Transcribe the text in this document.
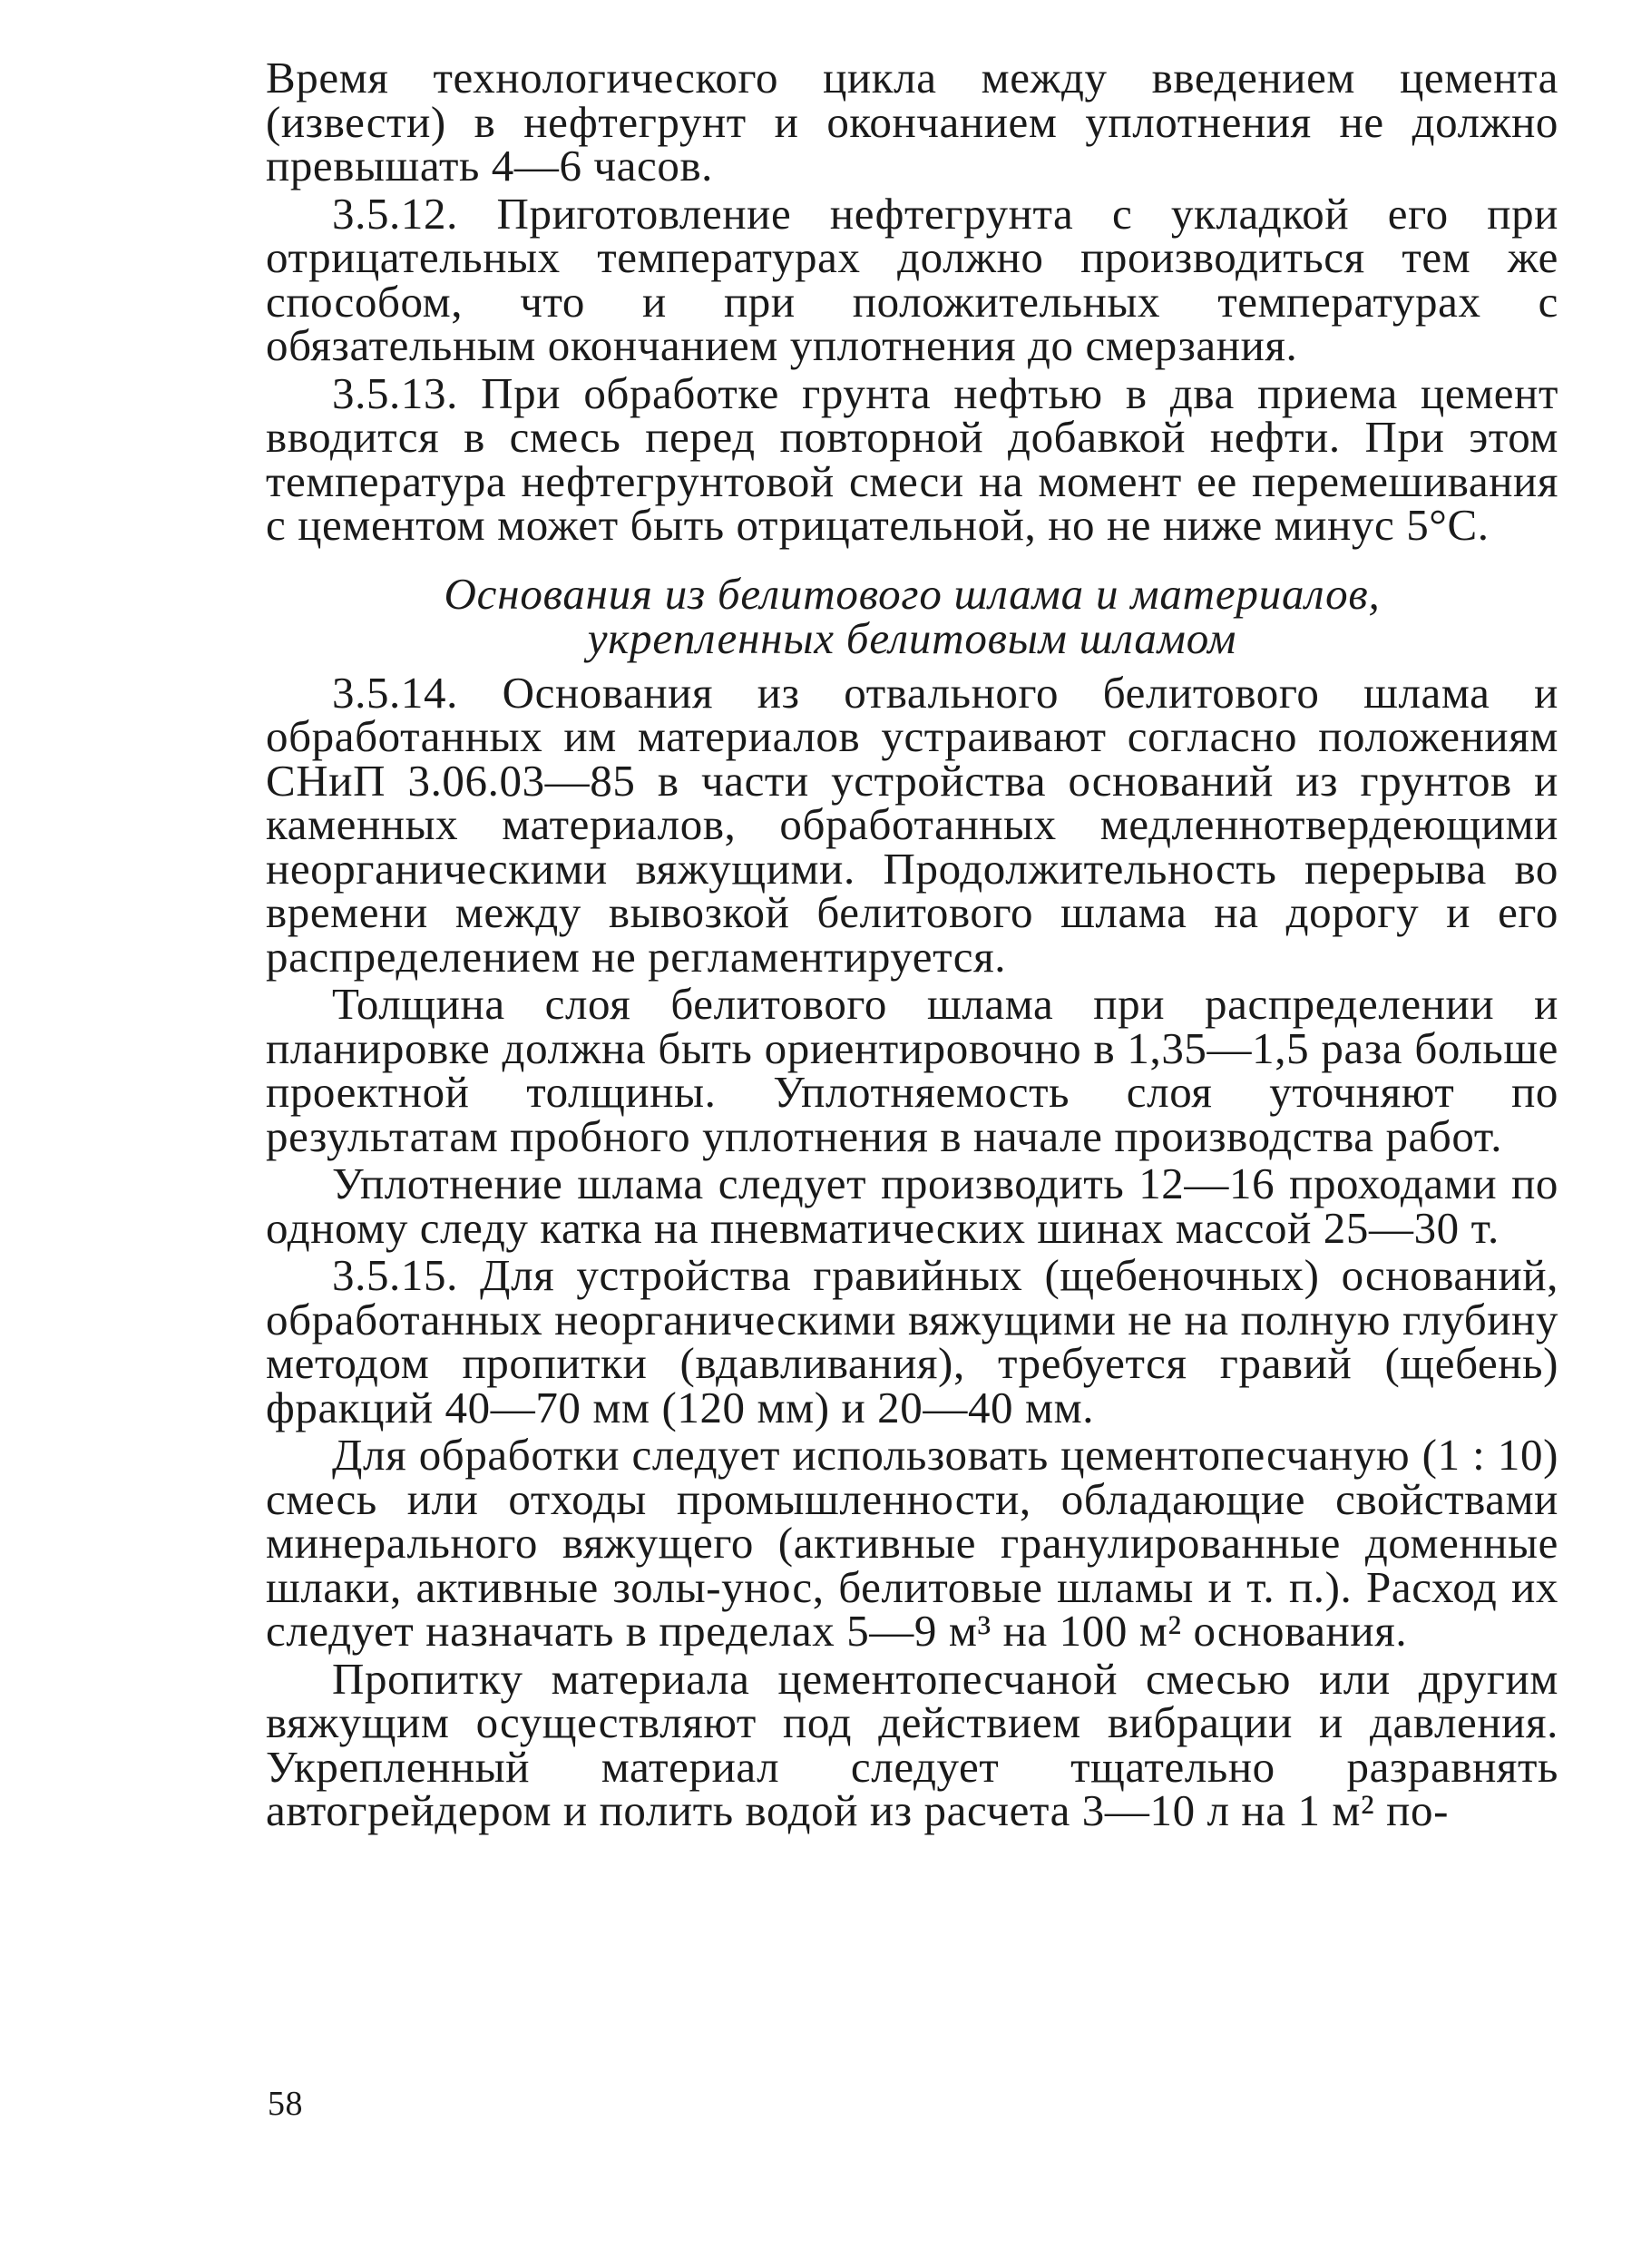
Время технологического цикла между введением цемента (извести) в нефтегрунт и окончанием уплотнения не должно превышать 4—6 часов.

3.5.12. Приготовление нефтегрунта с укладкой его при отрицательных температурах должно производиться тем же способом, что и при положительных температурах с обязательным окончанием уплотнения до смерзания.

3.5.13. При обработке грунта нефтью в два приема цемент вводится в смесь перед повторной добавкой нефти. При этом температура нефтегрунтовой смеси на момент ее перемешивания с цементом может быть отрицательной, но не ниже минус 5°С.

Основания из белитового шлама и материалов,
укрепленных белитовым шламом

3.5.14. Основания из отвального белитового шлама и обработанных им материалов устраивают согласно положениям СНиП 3.06.03—85 в части устройства оснований из грунтов и каменных материалов, обработанных медленнотвердеющими неорганическими вяжущими. Продолжительность перерыва во времени между вывозкой белитового шлама на дорогу и его распределением не регламентируется.

Толщина слоя белитового шлама при распределении и планировке должна быть ориентировочно в 1,35—1,5 раза больше проектной толщины. Уплотняемость слоя уточняют по результатам пробного уплотнения в начале производства работ.

Уплотнение шлама следует производить 12—16 проходами по одному следу катка на пневматических шинах массой 25—30 т.

3.5.15. Для устройства гравийных (щебеночных) оснований, обработанных неорганическими вяжущими не на полную глубину методом пропитки (вдавливания), требуется гравий (щебень) фракций 40—70 мм (120 мм) и 20—40 мм.

Для обработки следует использовать цементопесчаную (1 : 10) смесь или отходы промышленности, обладающие свойствами минерального вяжущего (активные гранулированные доменные шлаки, активные золы-унос, белитовые шламы и т. п.). Расход их следует назначать в пределах 5—9 м³ на 100 м² основания.

Пропитку материала цементопесчаной смесью или другим вяжущим осуществляют под действием вибрации и давления. Укрепленный материал следует тщательно разравнять автогрейдером и полить водой из расчета 3—10 л на 1 м² по-

58
